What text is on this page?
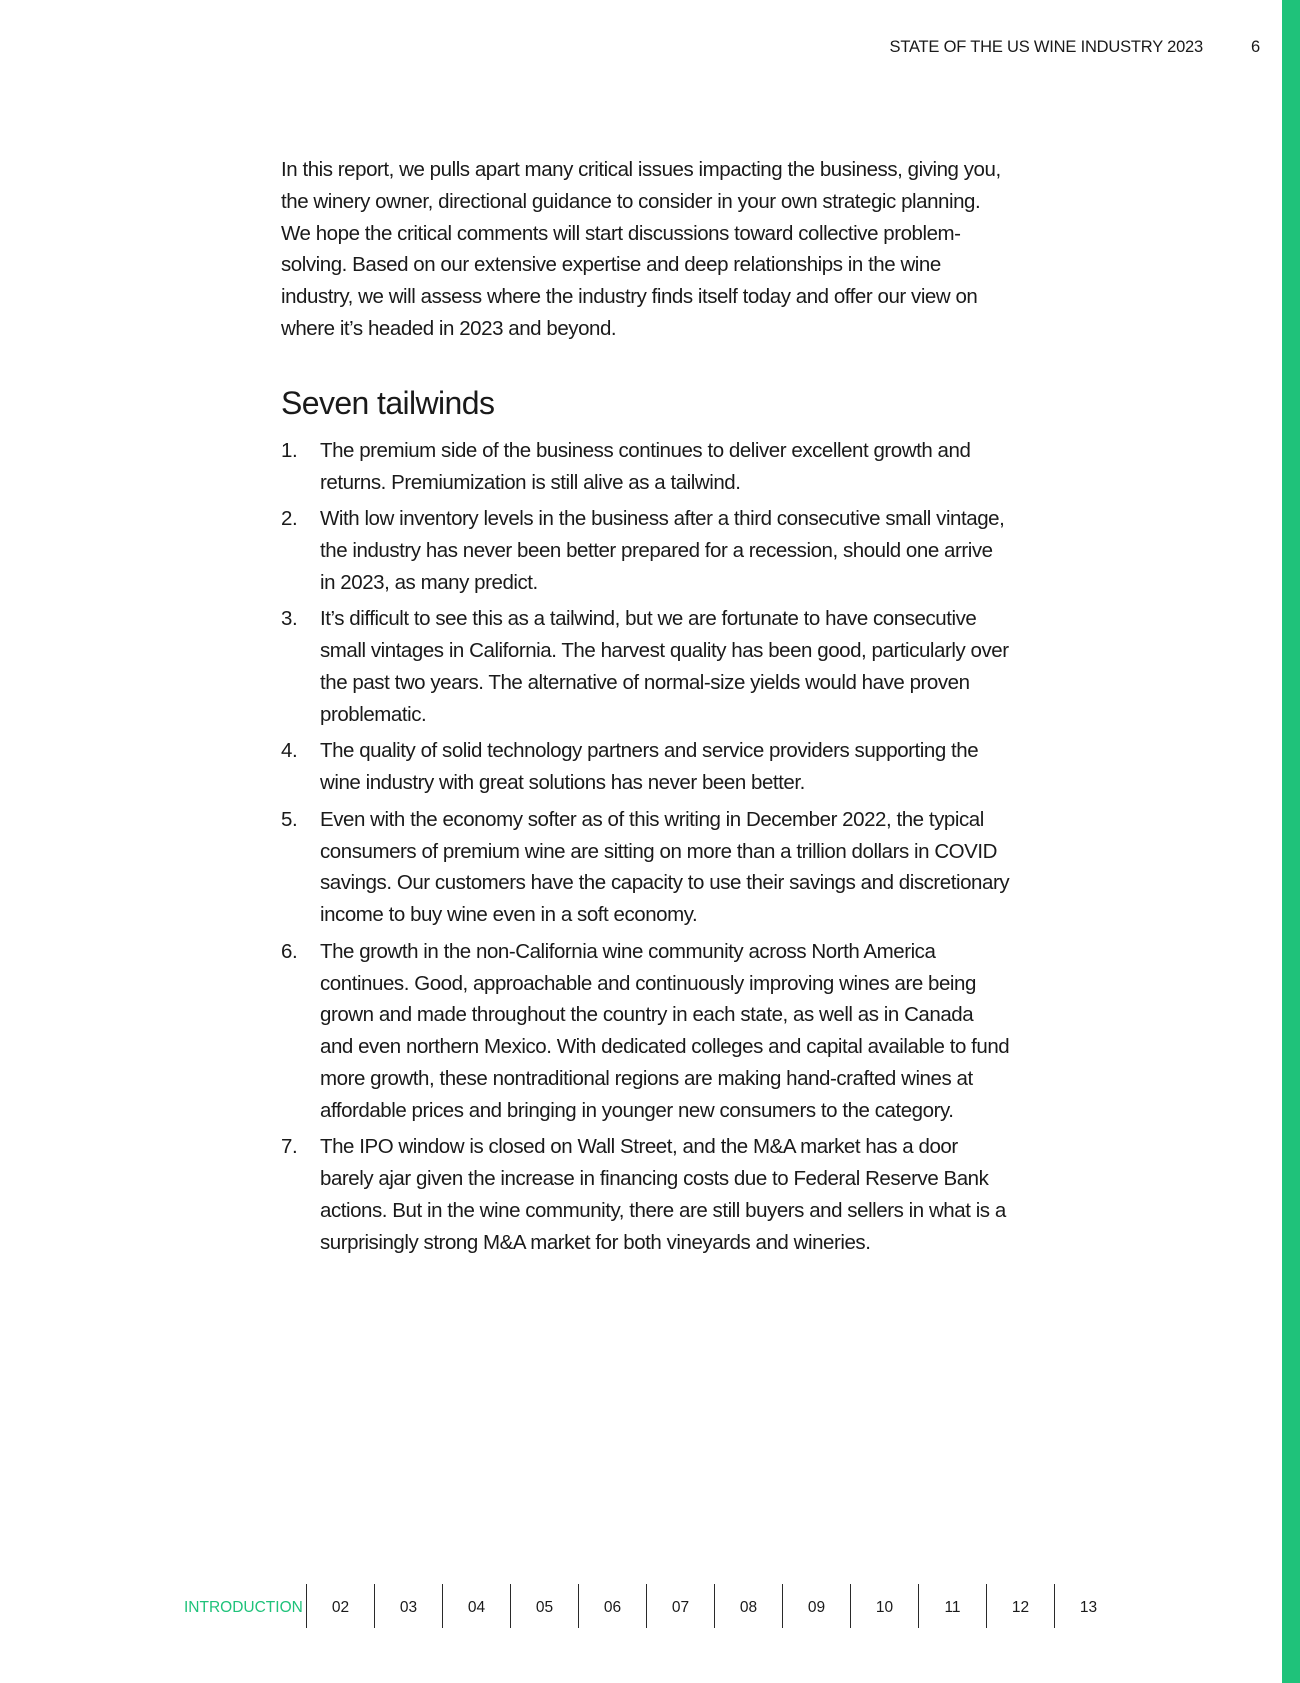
STATE OF THE US WINE INDUSTRY 2023	6

In this report, we pulls apart many critical issues impacting the business, giving you, the winery owner, directional guidance to consider in your own strategic planning. We hope the critical comments will start discussions toward collective problem-solving. Based on our extensive expertise and deep relationships in the wine industry, we will assess where the industry finds itself today and offer our view on where it’s headed in 2023 and beyond.

Seven tailwinds
1.	The premium side of the business continues to deliver excellent growth and returns. Premiumization is still alive as a tailwind.
2.	With low inventory levels in the business after a third consecutive small vintage, the industry has never been better prepared for a recession, should one arrive in 2023, as many predict.
3.	It’s difficult to see this as a tailwind, but we are fortunate to have consecutive small vintages in California. The harvest quality has been good, particularly over the past two years. The alternative of normal-size yields would have proven problematic.
4.	The quality of solid technology partners and service providers supporting the wine industry with great solutions has never been better.
5.	Even with the economy softer as of this writing in December 2022, the typical consumers of premium wine are sitting on more than a trillion dollars in COVID savings. Our customers have the capacity to use their savings and discretionary income to buy wine even in a soft economy.
6.	The growth in the non-California wine community across North America continues. Good, approachable and continuously improving wines are being grown and made throughout the country in each state, as well as in Canada and even northern Mexico. With dedicated colleges and capital available to fund more growth, these nontraditional regions are making hand-crafted wines at affordable prices and bringing in younger new consumers to the category.
7.	The IPO window is closed on Wall Street, and the M&A market has a door barely ajar given the increase in financing costs due to Federal Reserve Bank actions. But in the wine community, there are still buyers and sellers in what is a surprisingly strong M&A market for both vineyards and wineries.
INTRODUCTION	02	03	04	05	06	07	08	09	10	11	12	13
